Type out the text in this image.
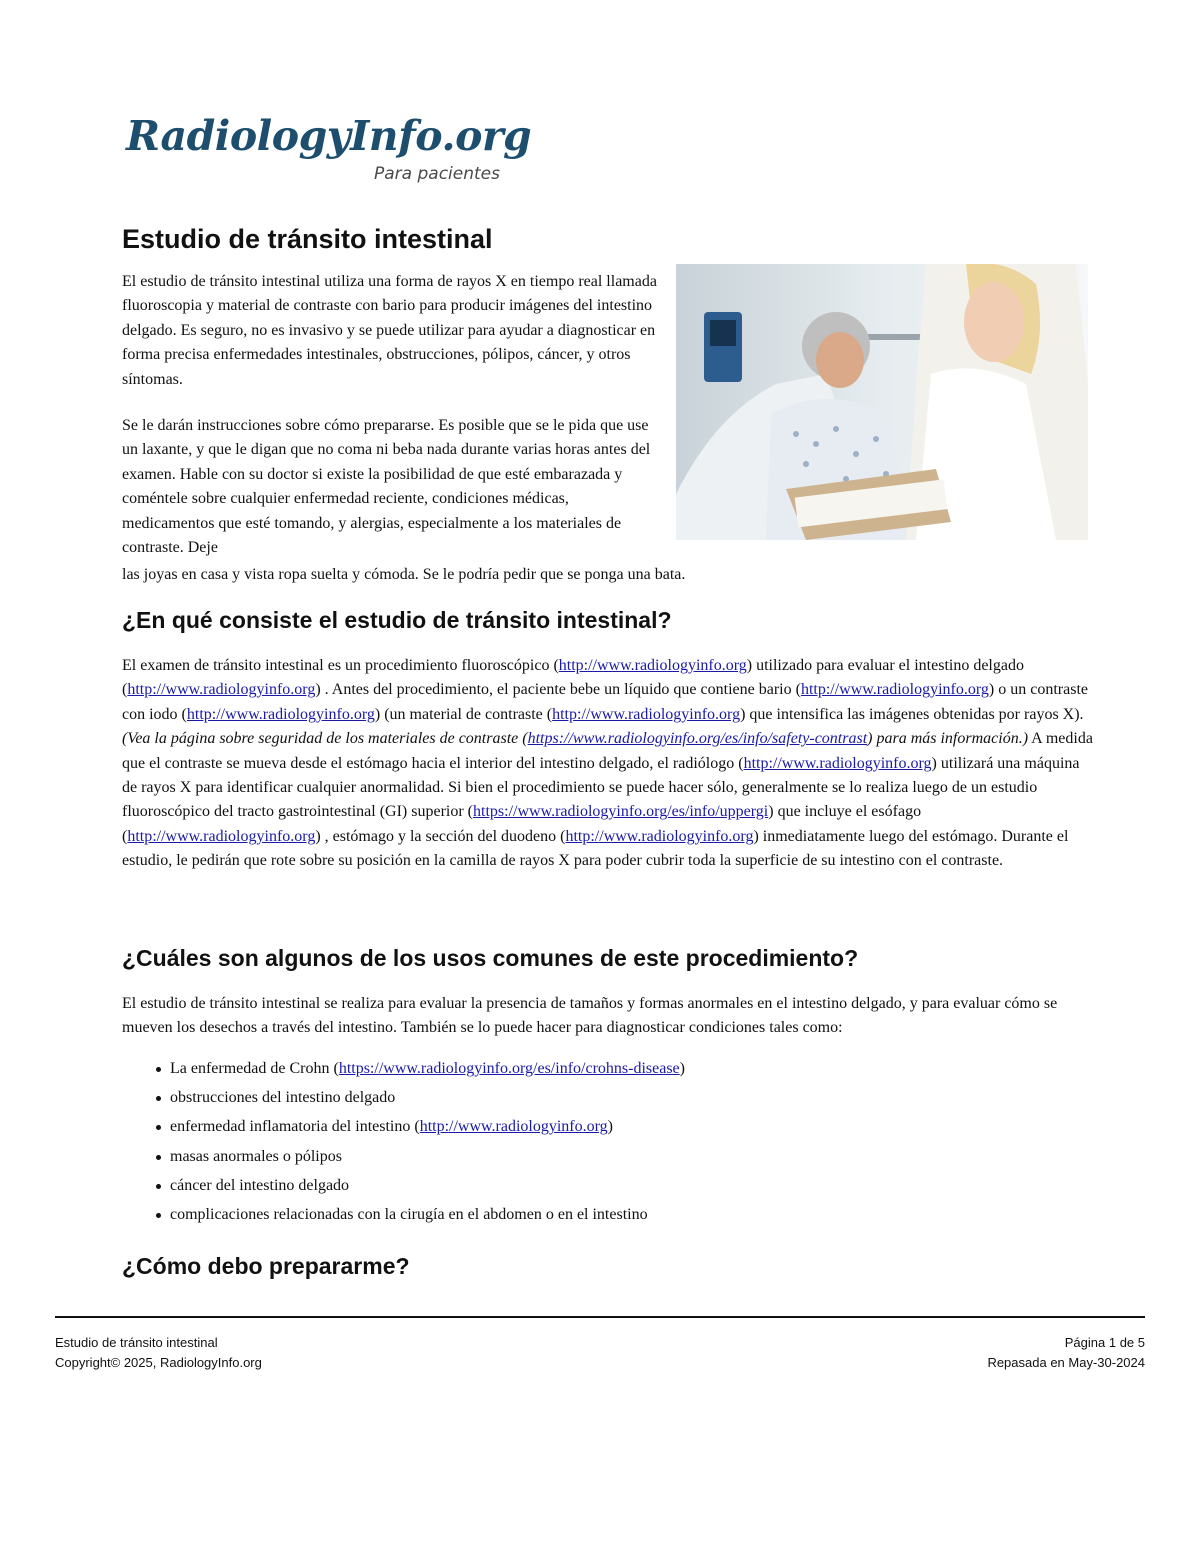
RadiologyInfo.org
Para pacientes
Estudio de tránsito intestinal
El estudio de tránsito intestinal utiliza una forma de rayos X en tiempo real llamada fluoroscopia y material de contraste con bario para producir imágenes del intestino delgado. Es seguro, no es invasivo y se puede utilizar para ayudar a diagnosticar en forma precisa enfermedades intestinales, obstrucciones, pólipos, cáncer, y otros síntomas.
Se le darán instrucciones sobre cómo prepararse. Es posible que se le pida que use un laxante, y que le digan que no coma ni beba nada durante varias horas antes del examen. Hable con su doctor si existe la posibilidad de que esté embarazada y coméntele sobre cualquier enfermedad reciente, condiciones médicas, medicamentos que esté tomando, y alergias, especialmente a los materiales de contraste. Deje
las joyas en casa y vista ropa suelta y cómoda. Se le podría pedir que se ponga una bata.
¿En qué consiste el estudio de tránsito intestinal?
El examen de tránsito intestinal es un procedimiento fluoroscópico (http://www.radiologyinfo.org) utilizado para evaluar el intestino delgado (http://www.radiologyinfo.org) . Antes del procedimiento, el paciente bebe un líquido que contiene bario (http://www.radiologyinfo.org) o un contraste con iodo (http://www.radiologyinfo.org) (un material de contraste (http://www.radiologyinfo.org) que intensifica las imágenes obtenidas por rayos X). (Vea la página sobre seguridad de los materiales de contraste (https://www.radiologyinfo.org/es/info/safety-contrast) para más información.) A medida que el contraste se mueva desde el estómago hacia el interior del intestino delgado, el radiólogo (http://www.radiologyinfo.org) utilizará una máquina de rayos X para identificar cualquier anormalidad. Si bien el procedimiento se puede hacer sólo, generalmente se lo realiza luego de un estudio fluoroscópico del tracto gastrointestinal (GI) superior (https://www.radiologyinfo.org/es/info/uppergi) que incluye el esófago (http://www.radiologyinfo.org) , estómago y la sección del duodeno (http://www.radiologyinfo.org) inmediatamente luego del estómago. Durante el estudio, le pedirán que rote sobre su posición en la camilla de rayos X para poder cubrir toda la superficie de su intestino con el contraste.
¿Cuáles son algunos de los usos comunes de este procedimiento?
El estudio de tránsito intestinal se realiza para evaluar la presencia de tamaños y formas anormales en el intestino delgado, y para evaluar cómo se mueven los desechos a través del intestino. También se lo puede hacer para diagnosticar condiciones tales como:
La enfermedad de Crohn (https://www.radiologyinfo.org/es/info/crohns-disease)
obstrucciones del intestino delgado
enfermedad inflamatoria del intestino (http://www.radiologyinfo.org)
masas anormales o pólipos
cáncer del intestino delgado
complicaciones relacionadas con la cirugía en el abdomen o en el intestino
¿Cómo debo prepararme?
Estudio de tránsito intestinal
Copyright© 2025, RadiologyInfo.org
Página 1 de 5
Repasada en May-30-2024
